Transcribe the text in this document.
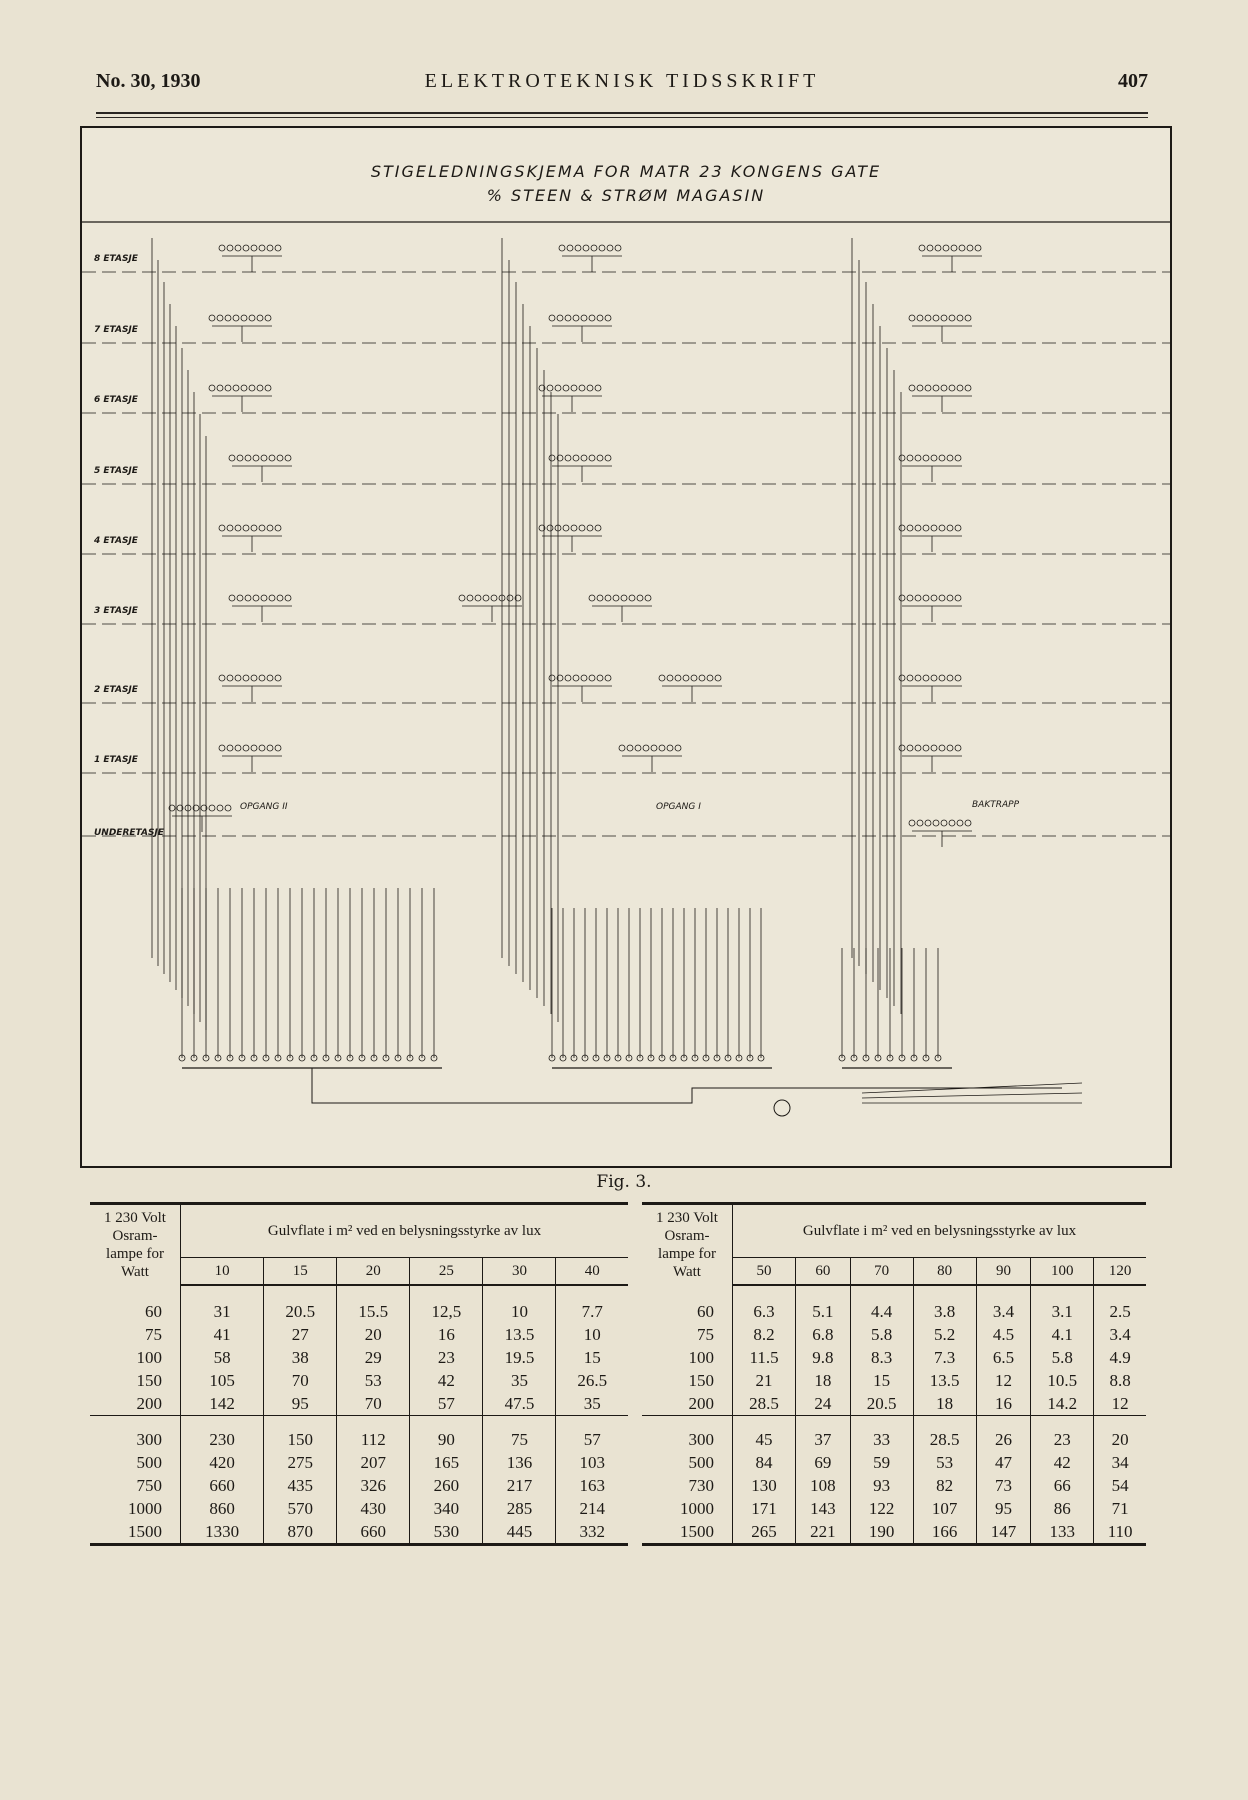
No. 30, 1930	ELEKTROTEKNISK TIDSSKRIFT	407
STIGELEDNINGSKJEMA FOR MATR 23 KONGENS GATE
% STEEN & STRØM MAGASIN
8 ETASJE
7 ETASJE
6 ETASJE
5 ETASJE
4 ETASJE
3 ETASJE
2 ETASJE
1 ETASJE
UNDERETASJE
OPGANG II	OPGANG I	BAKTRAPP
Fig. 3.
1 230 Volt
Osram-
lampe for
Watt	Gulvflate i m² ved en belysningsstyrke av lux					
	10	15	20	25	30	40

60	31	20.5	15.5	12,5	10	7.7
75	41	27	20	16	13.5	10
100	58	38	29	23	19.5	15
150	105	70	53	42	35	26.5
200	142	95	70	57	47.5	35

300	230	150	112	90	75	57
500	420	275	207	165	136	103
750	660	435	326	260	217	163
1000	860	570	430	340	285	214
1500	1330	870	660	530	445	332
1 230 Volt
Osram-
lampe for
Watt	Gulvflate i m² ved en belysningsstyrke av lux						
	50	60	70	80	90	100	120

60	6.3	5.1	4.4	3.8	3.4	3.1	2.5
75	8.2	6.8	5.8	5.2	4.5	4.1	3.4
100	11.5	9.8	8.3	7.3	6.5	5.8	4.9
150	21	18	15	13.5	12	10.5	8.8
200	28.5	24	20.5	18	16	14.2	12

300	45	37	33	28.5	26	23	20
500	84	69	59	53	47	42	34
730	130	108	93	82	73	66	54
1000	171	143	122	107	95	86	71
1500	265	221	190	166	147	133	110
